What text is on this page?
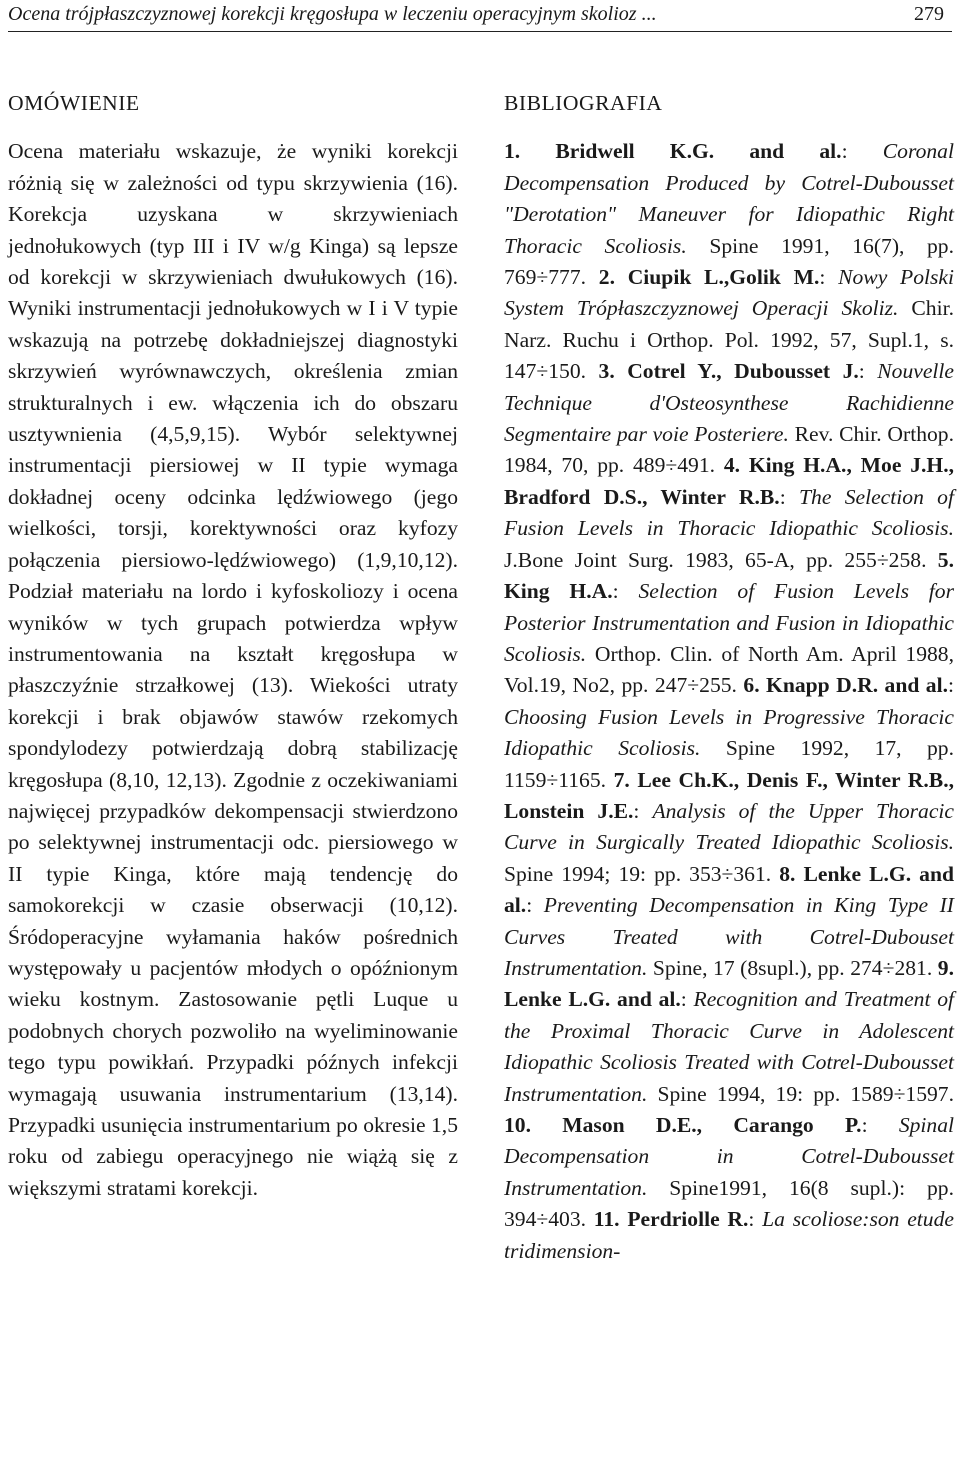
Ocena trójpłaszczyznowej korekcji kręgosłupa w leczeniu operacyjnym skolioz ...	279
OMÓWIENIE

Ocena materiału wskazuje, że wyniki korekcji różnią się w zależności od typu skrzywienia (16). Korekcja uzyskana w skrzywieniach jednołukowych (typ III i IV w/g Kinga) są lepsze od korekcji w skrzywieniach dwułukowych (16). Wyniki instrumentacji jednołukowych w I i V typie wskazują na potrzebę dokładniejszej diagnostyki skrzywień wyrównawczych, określenia zmian strukturalnych i ew. włączenia ich do obszaru usztywnienia (4,5,9,15). Wybór selektywnej instrumentacji piersiowej w II typie wymaga dokładnej oceny odcinka lędźwiowego (jego wielkości, torsji, korektywności oraz kyfozy połączenia piersiowo-lędźwiowego) (1,9,10,12). Podział materiału na lordo i kyfoskoliozy i ocena wyników w tych grupach potwierdza wpływ instrumentowania na kształt kręgosłupa w płaszczyźnie strzałkowej (13). Wiekości utraty korekcji i brak objawów stawów rzekomych spondylodezy potwierdzają dobrą stabilizację kręgosłupa (8,10, 12,13). Zgodnie z oczekiwaniami najwięcej przypadków dekompensacji stwierdzono po selektywnej instrumentacji odc. piersiowego w II typie Kinga, które mają tendencję do samokorekcji w czasie obserwacji (10,12). Śródoperacyjne wyłamania haków pośrednich występowały u pacjentów młodych o opóźnionym wieku kostnym. Zastosowanie pętli Luque u podobnych chorych pozwoliło na wyeliminowanie tego typu powikłań. Przypadki późnych infekcji wymagają usuwania instrumentarium (13,14). Przypadki usunięcia instrumentarium po okresie 1,5 roku od zabiegu operacyjnego nie wiążą się z większymi stratami korekcji.

BIBLIOGRAFIA

1. Bridwell K.G. and al.: Coronal Decompensation Produced by Cotrel-Dubousset "Derotation" Maneuver for Idiopathic Right Thoracic Scoliosis. Spine 1991, 16(7), pp. 769÷777. 2. Ciupik L.,Golik M.: Nowy Polski System Trópłaszczyznowej Operacji Skoliz. Chir. Narz. Ruchu i Orthop. Pol. 1992, 57, Supl.1, s. 147÷150. 3. Cotrel Y., Dubousset J.: Nouvelle Technique d'Osteosynthese Rachidienne Segmentaire par voie Posteriere. Rev. Chir. Orthop. 1984, 70, pp. 489÷491. 4. King H.A., Moe J.H., Bradford D.S., Winter R.B.: The Selection of Fusion Levels in Thoracic Idiopathic Scoliosis. J.Bone Joint Surg. 1983, 65-A, pp. 255÷258. 5. King H.A.: Selection of Fusion Levels for Posterior Instrumentation and Fusion in Idiopathic Scoliosis. Orthop. Clin. of North Am. April 1988, Vol.19, No2, pp. 247÷255. 6. Knapp D.R. and al.: Choosing Fusion Levels in Progressive Thoracic Idiopathic Scoliosis. Spine 1992, 17, pp. 1159÷1165. 7. Lee Ch.K., Denis F., Winter R.B., Lonstein J.E.: Analysis of the Upper Thoracic Curve in Surgically Treated Idiopathic Scoliosis. Spine 1994; 19: pp. 353÷361. 8. Lenke L.G. and al.: Preventing Decompensation in King Type II Curves Treated with Cotrel-Dubouset Instrumentation. Spine, 17 (8supl.), pp. 274÷281. 9. Lenke L.G. and al.: Recognition and Treatment of the Proximal Thoracic Curve in Adolescent Idiopathic Scoliosis Treated with Cotrel-Dubousset Instrumentation. Spine 1994, 19: pp. 1589÷1597. 10. Mason D.E., Carango P.: Spinal Decompensation in Cotrel-Dubousset Instrumentation. Spine1991, 16(8 supl.): pp. 394÷403. 11. Perdriolle R.: La scoliose:son etude tridimension-
